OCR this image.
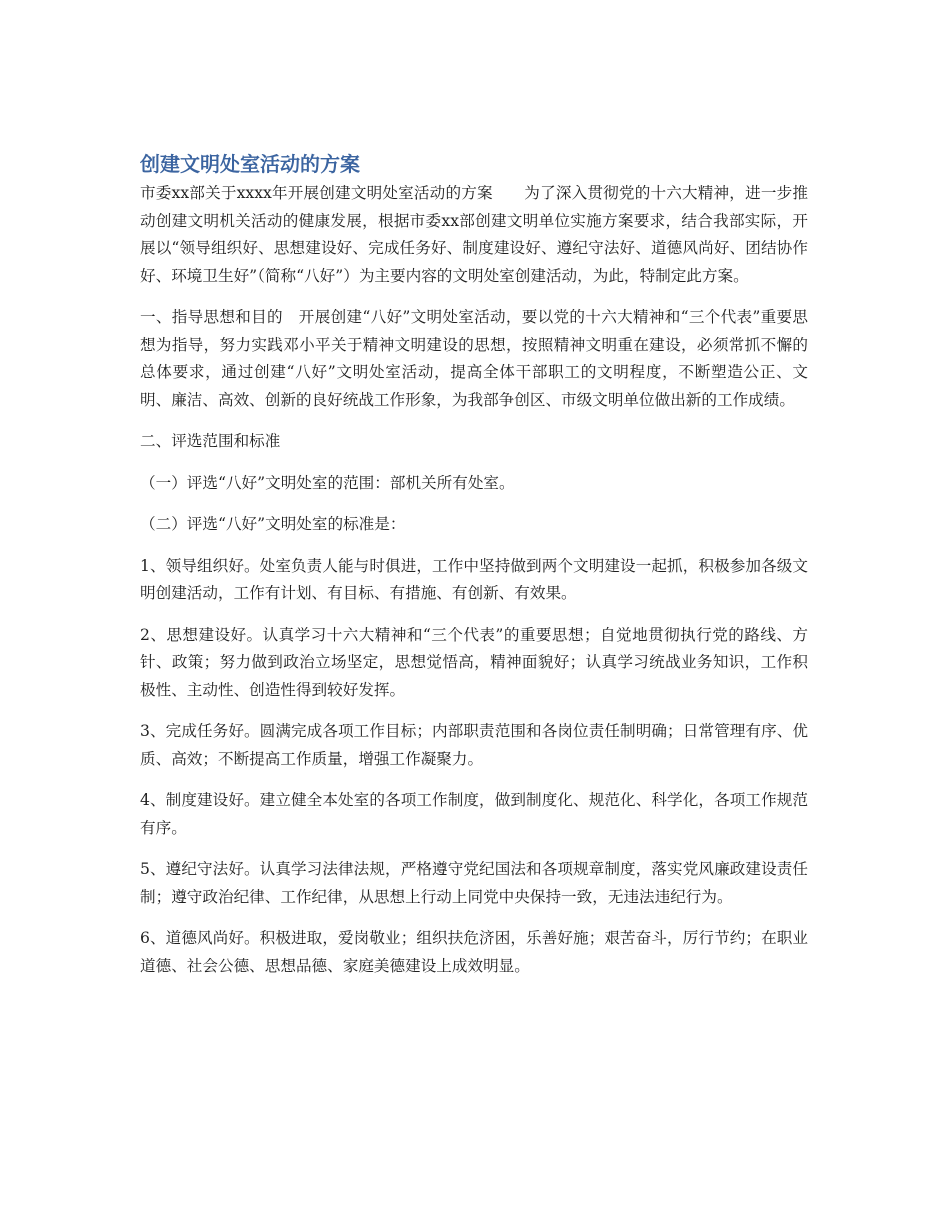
创建文明处室活动的方案

市委xx部关于xxxx年开展创建文明处室活动的方案　　为了深入贯彻党的十六大精神，进一步推动创建文明机关活动的健康发展，根据市委xx部创建文明单位实施方案要求，结合我部实际，开展以“领导组织好、思想建设好、完成任务好、制度建设好、遵纪守法好、道德风尚好、团结协作好、环境卫生好”（简称“八好”）为主要内容的文明处室创建活动，为此，特制定此方案。

一、指导思想和目的　开展创建“八好”文明处室活动，要以党的十六大精神和“三个代表”重要思想为指导，努力实践邓小平关于精神文明建设的思想，按照精神文明重在建设，必须常抓不懈的总体要求，通过创建“八好”文明处室活动，提高全体干部职工的文明程度，不断塑造公正、文明、廉洁、高效、创新的良好统战工作形象，为我部争创区、市级文明单位做出新的工作成绩。

二、评选范围和标准

（一）评选“八好”文明处室的范围：部机关所有处室。

（二）评选“八好”文明处室的标准是：

1、领导组织好。处室负责人能与时俱进，工作中坚持做到两个文明建设一起抓，积极参加各级文明创建活动，工作有计划、有目标、有措施、有创新、有效果。

2、思想建设好。认真学习十六大精神和“三个代表”的重要思想；自觉地贯彻执行党的路线、方针、政策；努力做到政治立场坚定，思想觉悟高，精神面貌好；认真学习统战业务知识，工作积极性、主动性、创造性得到较好发挥。

3、完成任务好。圆满完成各项工作目标；内部职责范围和各岗位责任制明确；日常管理有序、优质、高效；不断提高工作质量，增强工作凝聚力。

4、制度建设好。建立健全本处室的各项工作制度，做到制度化、规范化、科学化，各项工作规范有序。

5、遵纪守法好。认真学习法律法规，严格遵守党纪国法和各项规章制度，落实党风廉政建设责任制；遵守政治纪律、工作纪律，从思想上行动上同党中央保持一致，无违法违纪行为。

6、道德风尚好。积极进取，爱岗敬业；组织扶危济困，乐善好施；艰苦奋斗，厉行节约；在职业道德、社会公德、思想品德、家庭美德建设上成效明显。
